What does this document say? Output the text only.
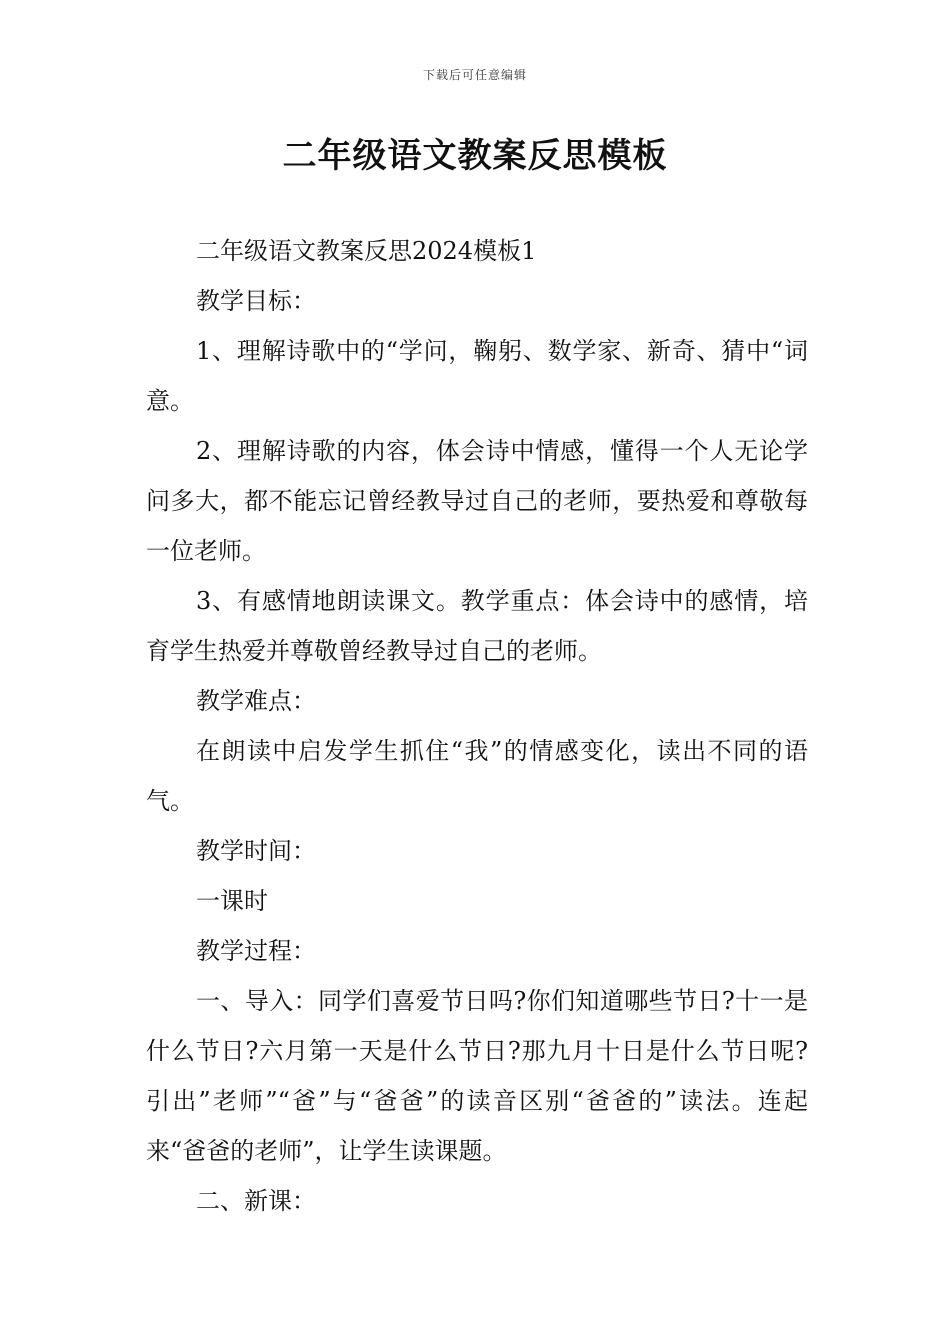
下载后可任意编辑
二年级语文教案反思模板

二年级语文教案反思2024模板1

教学目标：

1、理解诗歌中的“学问，鞠躬、数学家、新奇、猜中“词意。

2、理解诗歌的内容，体会诗中情感，懂得一个人无论学问多大，都不能忘记曾经教导过自己的老师，要热爱和尊敬每一位老师。

3、有感情地朗读课文。教学重点：体会诗中的感情，培育学生热爱并尊敬曾经教导过自己的老师。

教学难点：

在朗读中启发学生抓住“我”的情感变化，读出不同的语气。

教学时间：

一课时

教学过程：

一、导入：同学们喜爱节日吗?你们知道哪些节日?十一是什么节日?六月第一天是什么节日?那九月十日是什么节日呢?引出”老师”“爸”与“爸爸”的读音区别“爸爸的”读法。连起来“爸爸的老师”，让学生读课题。

二、新课：
